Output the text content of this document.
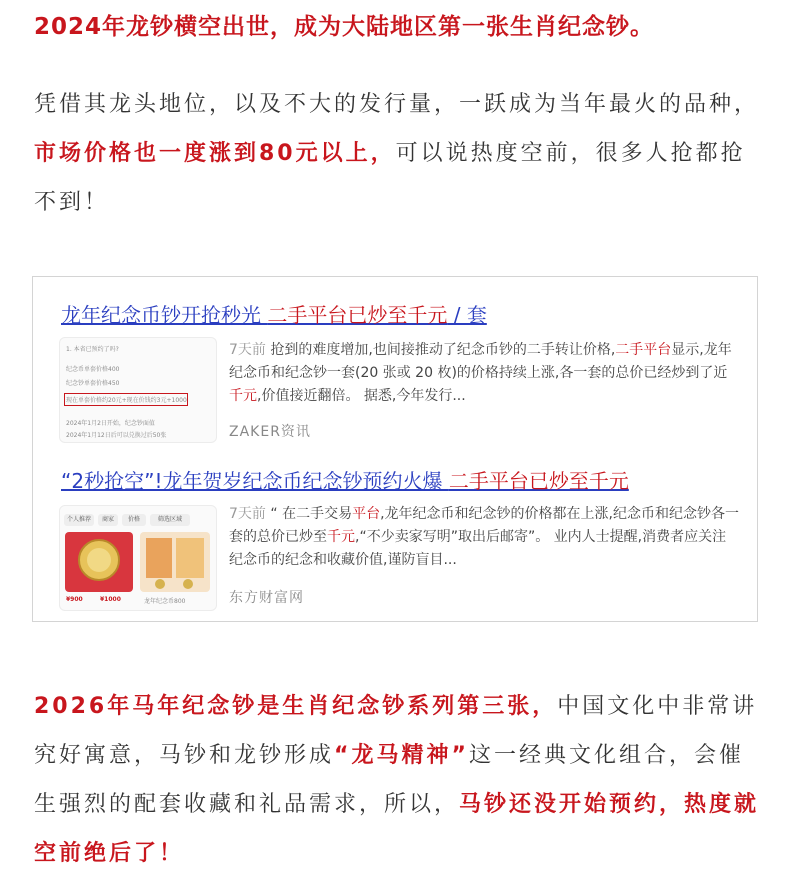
2024年龙钞横空出世，成为大陆地区第一张生肖纪念钞。
凭借其龙头地位，以及不大的发行量，一跃成为当年最火的品种，市场价格也一度涨到80元以上，可以说热度空前，很多人抢都抢不到！
龙年纪念币钞开抢秒光 二手平台已炒至千元 / 套
1. 本省已预约了吗?
纪念币单套价格400
纪念钞单套价格450
现在单套价格约20元+现在价钱约3元+1000
2024年1月2日开始，纪念钞面值
2024年1月12日后可以兑换过后50张
7天前 抢到的难度增加,也间接推动了纪念币钞的二手转让价格,二手平台显示,龙年纪念币和纪念钞一套(20 张或 20 枚)的价格持续上涨,各一套的总价已经炒到了近千元,价值接近翻倍。 据悉,今年发行...
ZAKER资讯
“2秒抢空”!龙年贺岁纪念币纪念钞预约火爆 二手平台已炒至千元
个人推荐	商家	价格	筛选区域
¥900	¥1000	龙年纪念币800
7天前 “ 在二手交易平台,龙年纪念币和纪念钞的价格都在上涨,纪念币和纪念钞各一套的总价已炒至千元,“不少卖家写明”取出后邮寄”。 业内人士提醒,消费者应关注纪念币的纪念和收藏价值,谨防盲目...
东方财富网
2026年马年纪念钞是生肖纪念钞系列第三张，中国文化中非常讲究好寓意，马钞和龙钞形成“龙马精神”这一经典文化组合，会催生强烈的配套收藏和礼品需求，所以，马钞还没开始预约，热度就空前绝后了！
